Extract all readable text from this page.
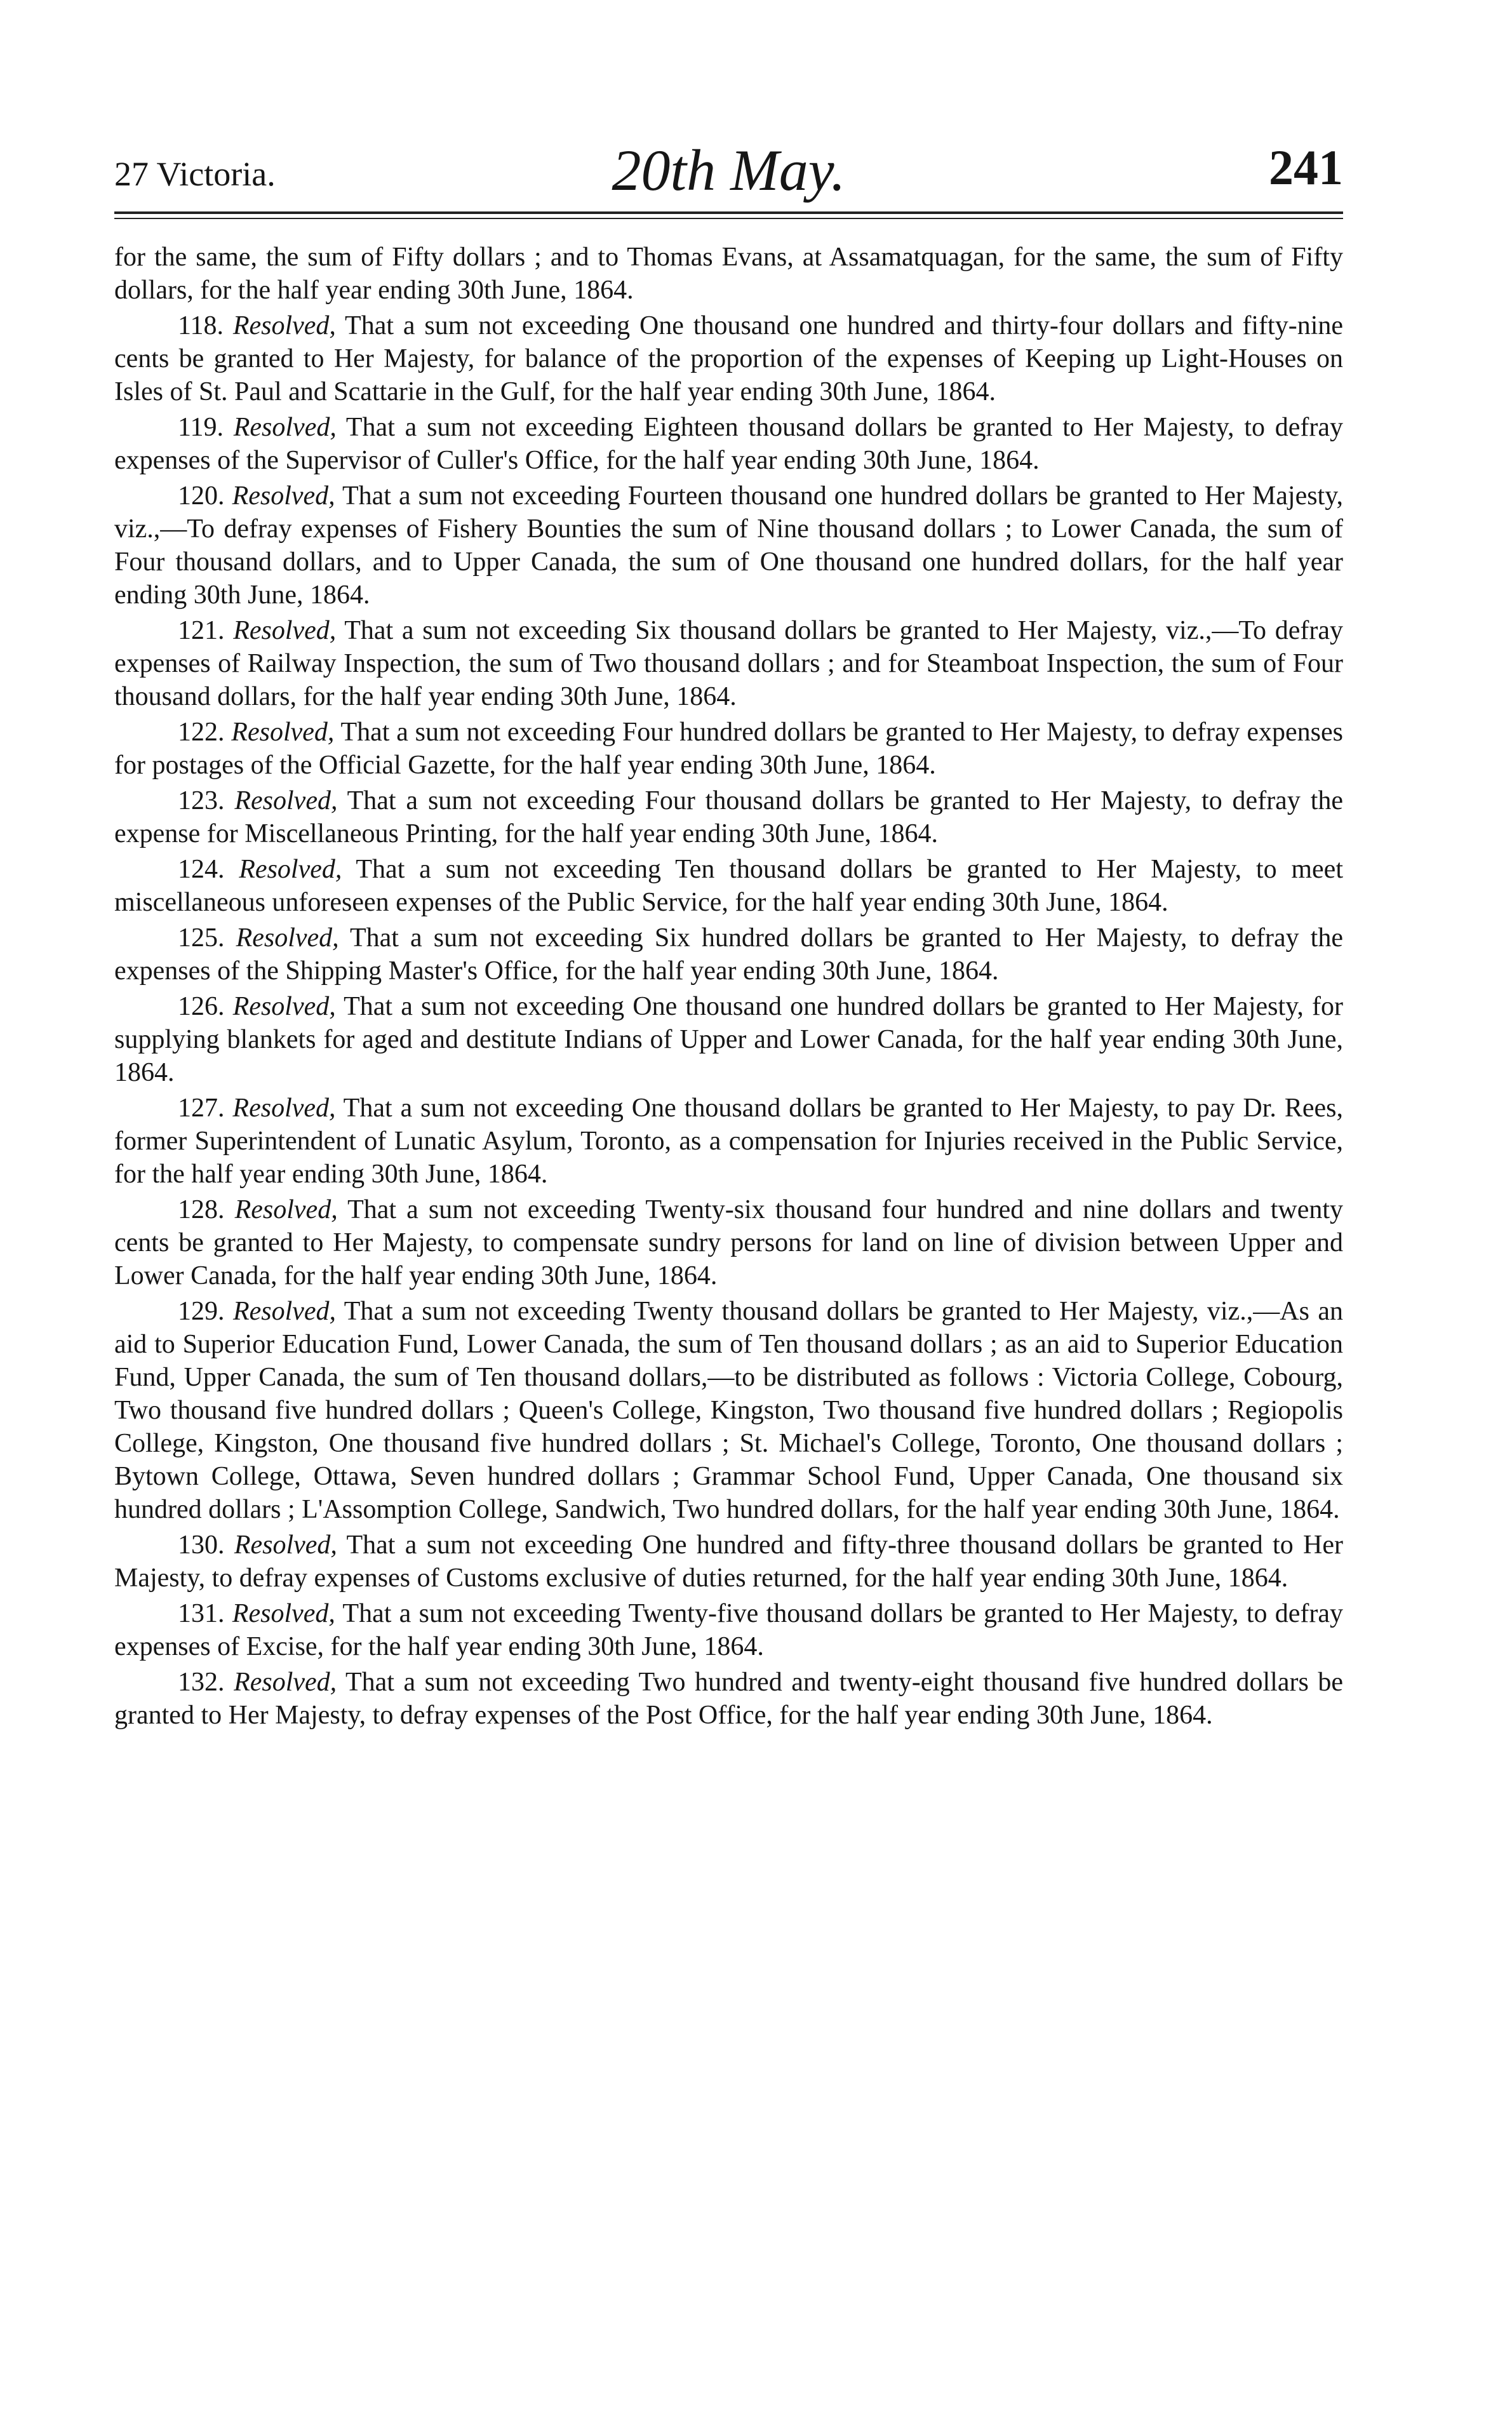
27 Victoria.	20th May.	241

for the same, the sum of Fifty dollars ; and to Thomas Evans, at Assamatquagan, for the same, the sum of Fifty dollars, for the half year ending 30th June, 1864.

118. Resolved, That a sum not exceeding One thousand one hundred and thirty-four dollars and fifty-nine cents be granted to Her Majesty, for balance of the proportion of the expenses of Keeping up Light-Houses on Isles of St. Paul and Scattarie in the Gulf, for the half year ending 30th June, 1864.

119. Resolved, That a sum not exceeding Eighteen thousand dollars be granted to Her Majesty, to defray expenses of the Supervisor of Culler's Office, for the half year ending 30th June, 1864.

120. Resolved, That a sum not exceeding Fourteen thousand one hundred dollars be granted to Her Majesty, viz.,—To defray expenses of Fishery Bounties the sum of Nine thousand dollars ; to Lower Canada, the sum of Four thousand dollars, and to Upper Canada, the sum of One thousand one hundred dollars, for the half year ending 30th June, 1864.

121. Resolved, That a sum not exceeding Six thousand dollars be granted to Her Majesty, viz.,—To defray expenses of Railway Inspection, the sum of Two thousand dollars ; and for Steamboat Inspection, the sum of Four thousand dollars, for the half year ending 30th June, 1864.

122. Resolved, That a sum not exceeding Four hundred dollars be granted to Her Majesty, to defray expenses for postages of the Official Gazette, for the half year ending 30th June, 1864.

123. Resolved, That a sum not exceeding Four thousand dollars be granted to Her Majesty, to defray the expense for Miscellaneous Printing, for the half year ending 30th June, 1864.

124. Resolved, That a sum not exceeding Ten thousand dollars be granted to Her Majesty, to meet miscellaneous unforeseen expenses of the Public Service, for the half year ending 30th June, 1864.

125. Resolved, That a sum not exceeding Six hundred dollars be granted to Her Majesty, to defray the expenses of the Shipping Master's Office, for the half year ending 30th June, 1864.

126. Resolved, That a sum not exceeding One thousand one hundred dollars be granted to Her Majesty, for supplying blankets for aged and destitute Indians of Upper and Lower Canada, for the half year ending 30th June, 1864.

127. Resolved, That a sum not exceeding One thousand dollars be granted to Her Majesty, to pay Dr. Rees, former Superintendent of Lunatic Asylum, Toronto, as a compensation for Injuries received in the Public Service, for the half year ending 30th June, 1864.

128. Resolved, That a sum not exceeding Twenty-six thousand four hundred and nine dollars and twenty cents be granted to Her Majesty, to compensate sundry persons for land on line of division between Upper and Lower Canada, for the half year ending 30th June, 1864.

129. Resolved, That a sum not exceeding Twenty thousand dollars be granted to Her Majesty, viz.,—As an aid to Superior Education Fund, Lower Canada, the sum of Ten thousand dollars ; as an aid to Superior Education Fund, Upper Canada, the sum of Ten thousand dollars,—to be distributed as follows : Victoria College, Cobourg, Two thousand five hundred dollars ; Queen's College, Kingston, Two thousand five hundred dollars ; Regiopolis College, Kingston, One thousand five hundred dollars ; St. Michael's College, Toronto, One thousand dollars ; Bytown College, Ottawa, Seven hundred dollars ; Grammar School Fund, Upper Canada, One thousand six hundred dollars ; L'Assomption College, Sandwich, Two hundred dollars, for the half year ending 30th June, 1864.

130. Resolved, That a sum not exceeding One hundred and fifty-three thousand dollars be granted to Her Majesty, to defray expenses of Customs exclusive of duties returned, for the half year ending 30th June, 1864.

131. Resolved, That a sum not exceeding Twenty-five thousand dollars be granted to Her Majesty, to defray expenses of Excise, for the half year ending 30th June, 1864.

132. Resolved, That a sum not exceeding Two hundred and twenty-eight thousand five hundred dollars be granted to Her Majesty, to defray expenses of the Post Office, for the half year ending 30th June, 1864.
